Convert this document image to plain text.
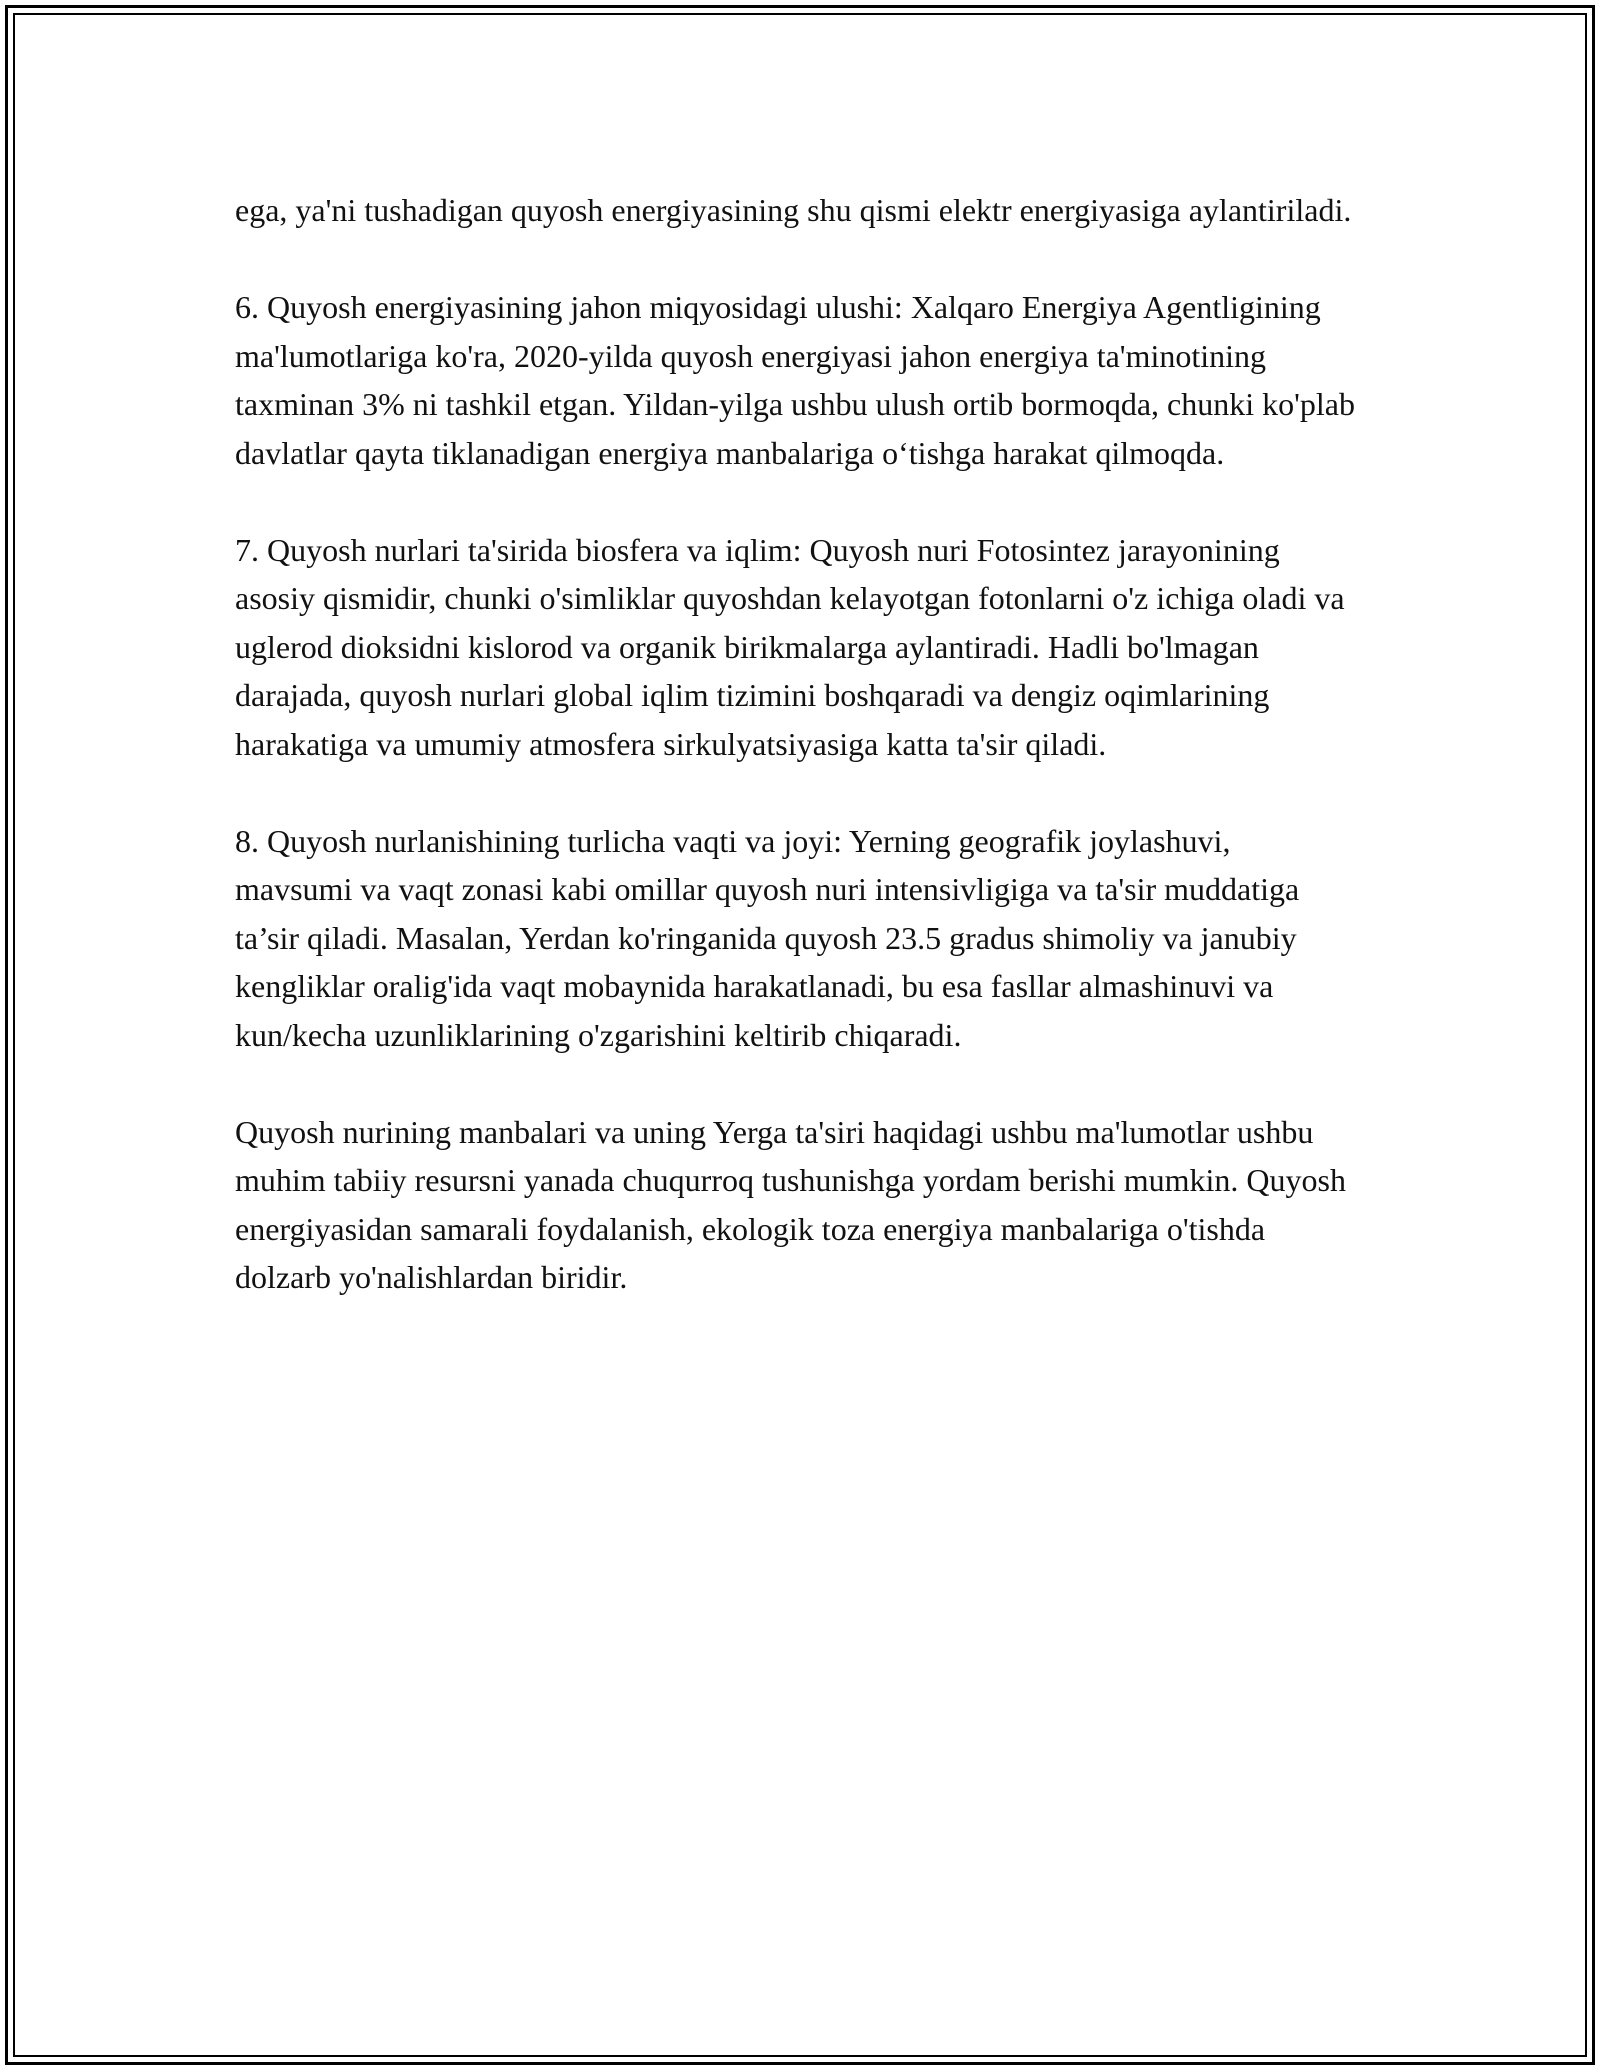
ega, ya'ni tushadigan quyosh energiyasining shu qismi elektr energiyasiga aylantiriladi.

6. Quyosh energiyasining jahon miqyosidagi ulushi: Xalqaro Energiya Agentligining ma'lumotlariga ko'ra, 2020-yilda quyosh energiyasi jahon energiya ta'minotining taxminan 3% ni tashkil etgan. Yildan-yilga ushbu ulush ortib bormoqda, chunki ko'plab davlatlar qayta tiklanadigan energiya manbalariga o‘tishga harakat qilmoqda.

7. Quyosh nurlari ta'sirida biosfera va iqlim: Quyosh nuri Fotosintez jarayonining asosiy qismidir, chunki o'simliklar quyoshdan kelayotgan fotonlarni o'z ichiga oladi va uglerod dioksidni kislorod va organik birikmalarga aylantiradi. Hadli bo'lmagan darajada, quyosh nurlari global iqlim tizimini boshqaradi va dengiz oqimlarining harakatiga va umumiy atmosfera sirkulyatsiyasiga katta ta'sir qiladi.

8. Quyosh nurlanishining turlicha vaqti va joyi: Yerning geografik joylashuvi, mavsumi va vaqt zonasi kabi omillar quyosh nuri intensivligiga va ta'sir muddatiga ta’sir qiladi. Masalan, Yerdan ko'ringanida quyosh 23.5 gradus shimoliy va janubiy kengliklar oralig'ida vaqt mobaynida harakatlanadi, bu esa fasllar almashinuvi va kun/kecha uzunliklarining o'zgarishini keltirib chiqaradi.

Quyosh nurining manbalari va uning Yerga ta'siri haqidagi ushbu ma'lumotlar ushbu muhim tabiiy resursni yanada chuqurroq tushunishga yordam berishi mumkin. Quyosh energiyasidan samarali foydalanish, ekologik toza energiya manbalariga o'tishda dolzarb yo'nalishlardan biridir.
